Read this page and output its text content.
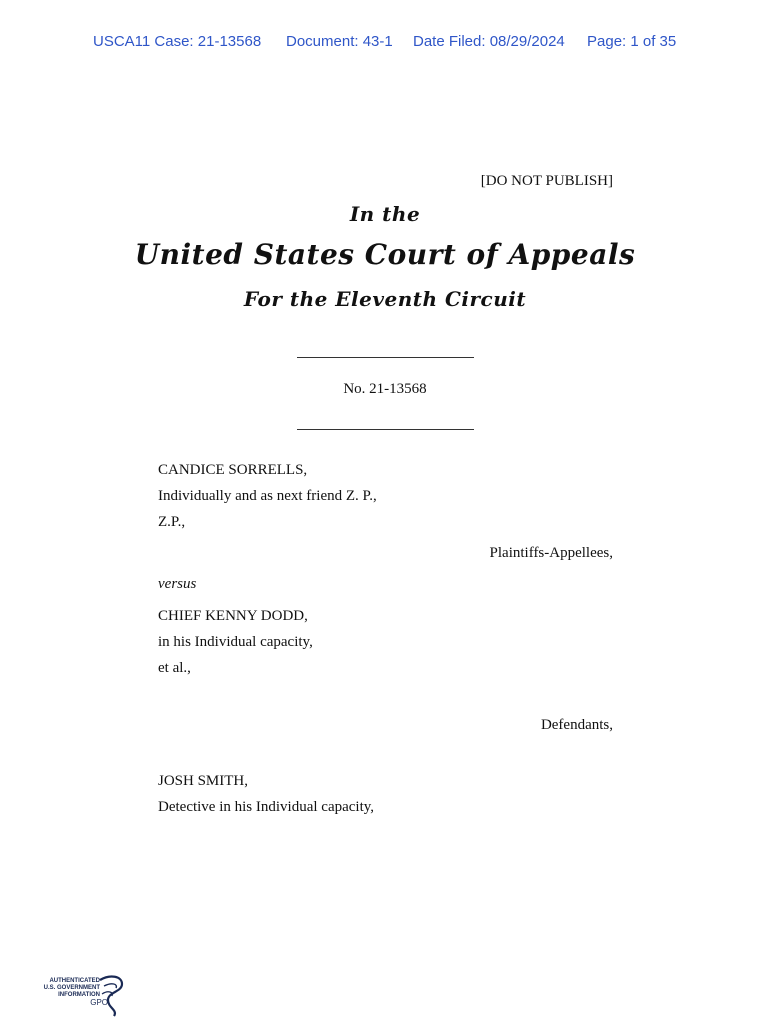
USCA11 Case: 21-13568 Document: 43-1 Date Filed: 08/29/2024 Page: 1 of 35
[DO NOT PUBLISH]
In the
United States Court of Appeals
For the Eleventh Circuit
No. 21-13568
CANDICE SORRELLS,
Individually and as next friend Z. P.,
Z.P.,
Plaintiffs-Appellees,
versus
CHIEF KENNY DODD,
in his Individual capacity,
et al.,
Defendants,
JOSH SMITH,
Detective in his Individual capacity,
AUTHENTICATED
U.S. GOVERNMENT
INFORMATION
GPO
